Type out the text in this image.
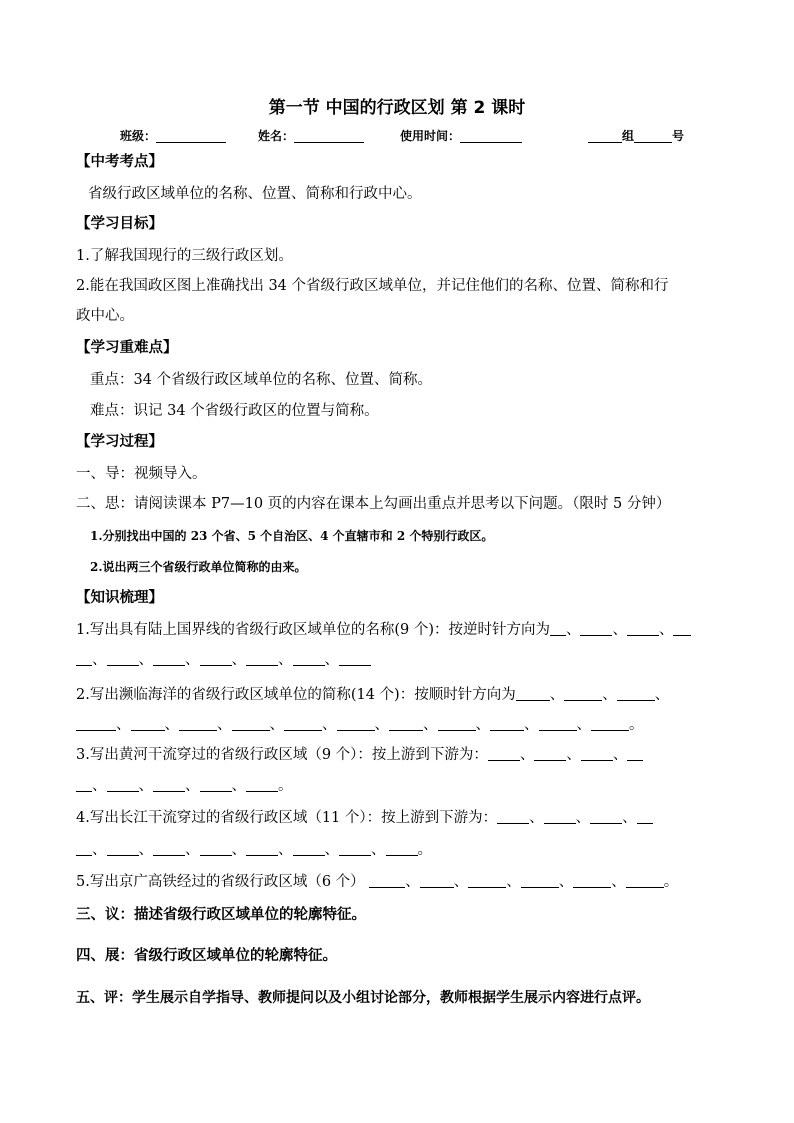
第一节 中国的行政区划 第 2 课时
班级：	姓名：	使用时间：	组	号
【中考考点】
省级行政区域单位的名称、位置、简称和行政中心。
【学习目标】
1.了解我国现行的三级行政区划。
2.能在我国政区图上准确找出 34 个省级行政区域单位，并记住他们的名称、位置、简称和行
政中心。
【学习重难点】
重点：34 个省级行政区域单位的名称、位置、简称。
难点：识记 34 个省级行政区的位置与简称。
【学习过程】
一、导：视频导入。
二、思：请阅读课本 P7—10 页的内容在课本上勾画出重点并思考以下问题。（限时 5 分钟）
1.分别找出中国的 23 个省、5 个自治区、4 个直辖市和 2 个特别行政区。
2.说出两三个省级行政单位简称的由来。
【知识梳理】
1.写出具有陆上国界线的省级行政区域单位的名称(9 个)：按逆时针方向为 、 、 、
、 、 、 、 、 、
2.写出濒临海洋的省级行政区域单位的简称(14 个)：按顺时针方向为 、	、	、
、 、	、	、	、	、 、	、 、	、	。
3.写出黄河干流穿过的省级行政区域（9 个）：按上游到下游为： 、 、 、
、 、 、 、 。
4.写出长江干流穿过的省级行政区域（11 个）：按上游到下游为： 、 、 、
、 、 、 、 、 、 、 。
5.写出京广高铁经过的省级行政区域（6 个）	、 、	、	、	、	。
三、议：描述省级行政区域单位的轮廓特征。
四、展：省级行政区域单位的轮廓特征。
五、评：学生展示自学指导、教师提问以及小组讨论部分，教师根据学生展示内容进行点评。
